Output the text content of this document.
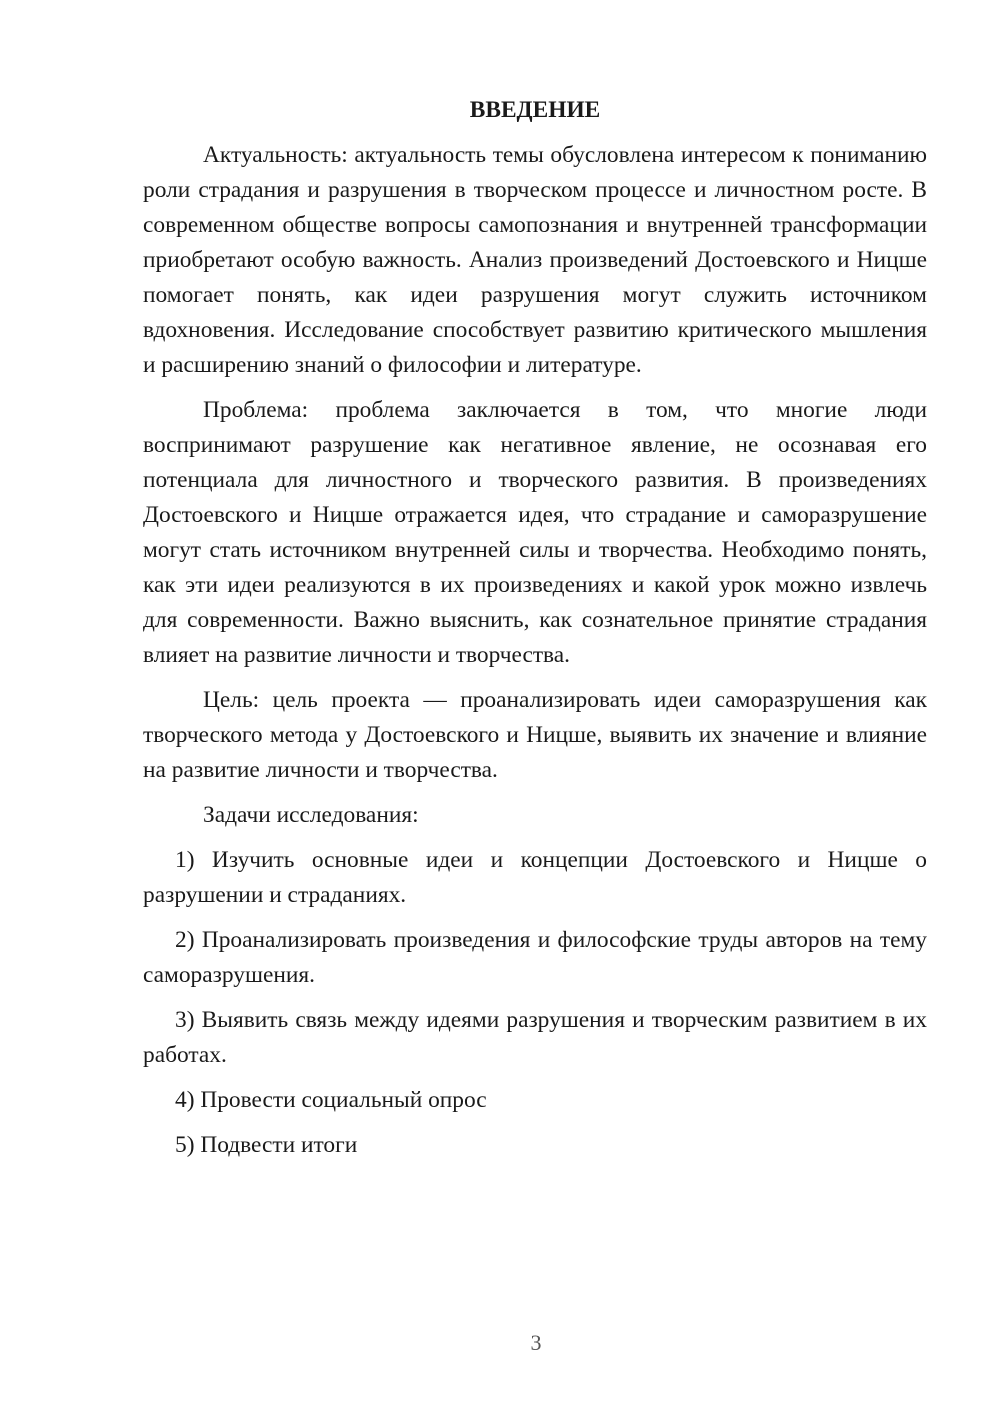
ВВЕДЕНИЕ

Актуальность: актуальность темы обусловлена интересом к пониманию роли страдания и разрушения в творческом процессе и личностном росте. В современном обществе вопросы самопознания и внутренней трансформации приобретают особую важность. Анализ произведений Достоевского и Ницше помогает понять, как идеи разрушения могут служить источником вдохновения. Исследование способствует развитию критического мышления и расширению знаний о философии и литературе.

Проблема: проблема заключается в том, что многие люди воспринимают разрушение как негативное явление, не осознавая его потенциала для личностного и творческого развития. В произведениях Достоевского и Ницше отражается идея, что страдание и саморазрушение могут стать источником внутренней силы и творчества. Необходимо понять, как эти идеи реализуются в их произведениях и какой урок можно извлечь для современности. Важно выяснить, как сознательное принятие страдания влияет на развитие личности и творчества.

Цель: цель проекта — проанализировать идеи саморазрушения как творческого метода у Достоевского и Ницше, выявить их значение и влияние на развитие личности и творчества.

Задачи исследования:

1) Изучить основные идеи и концепции Достоевского и Ницше о разрушении и страданиях.

2) Проанализировать произведения и философские труды авторов на тему саморазрушения.

3) Выявить связь между идеями разрушения и творческим развитием в их работах.

4) Провести социальный опрос

5) Подвести итоги

3
